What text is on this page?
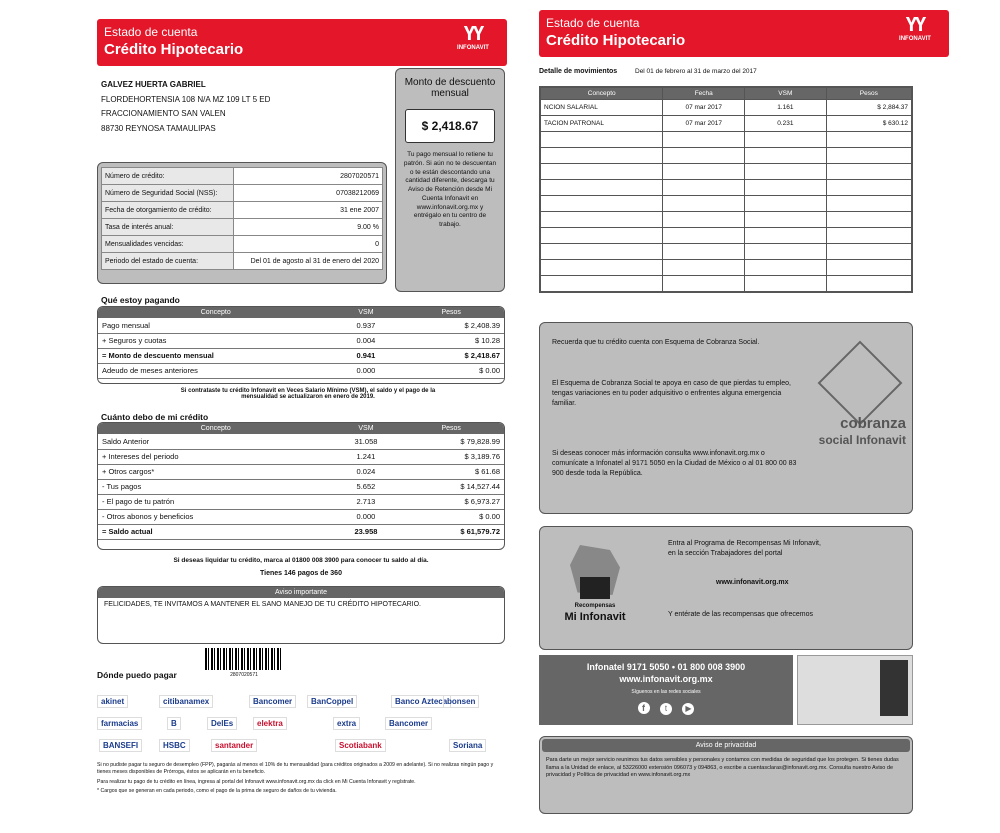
Estado de cuenta
Crédito Hipotecario
ҮҮ
INFONAVIT
GALVEZ HUERTA GABRIEL
FLORDEHORTENSIA 108 N/A MZ 109 LT 5 ED
FRACCIONAMIENTO SAN VALEN
88730 REYNOSA TAMAULIPAS
Monto de descuento mensual
$ 2,418.67
Tu pago mensual lo retiene tu patrón. Si aún no te descuentan o te están descontando una cantidad diferente, descarga tu Aviso de Retención desde Mi Cuenta Infonavit en www.infonavit.org.mx y entrégalo en tu centro de trabajo.
Número de crédito:	2807020571
Número de Seguridad Social (NSS):	07038212069
Fecha de otorgamiento de crédito:	31 ene 2007
Tasa de interés anual:	9.00 %
Mensualidades vencidas:	0
Periodo del estado de cuenta:	Del 01 de agosto al 31 de enero del 2020
Qué estoy pagando
Concepto	VSM	Pesos
Pago mensual	0.937	$ 2,408.39
+ Seguros y cuotas	0.004	$ 10.28
= Monto de descuento mensual	0.941	$ 2,418.67
Adeudo de meses anteriores	0.000	$ 0.00
Si contrataste tu crédito Infonavit en Veces Salario Mínimo (VSM), el saldo y el pago de la mensualidad se actualizaron en enero de 2019.
Cuánto debo de mi crédito
Concepto	VSM	Pesos
Saldo Anterior	31.058	$ 79,828.99
+ Intereses del periodo	1.241	$ 3,189.76
+ Otros cargos*	0.024	$ 61.68
- Tus pagos	5.652	$ 14,527.44
- El pago de tu patrón	2.713	$ 6,973.27
- Otros abonos y beneficios	0.000	$ 0.00
= Saldo actual	23.958	$ 61,579.72
Si deseas liquidar tu crédito, marca al 01800 008 3900 para conocer tu saldo al día.
Tienes 146 pagos de 360
Aviso importante
FELICIDADES, TE INVITAMOS A MANTENER EL SANO MANEJO DE TU CRÉDITO HIPOTECARIO.
Dónde puedo pagar	2807020571
akinet	citibanamex	Bancomer	BanCoppel	Banco Azteca bonsen
farmacias	B	DelEs	elektra	extra	Bancomer
BANSEFI	HSBC	santander	Scotiabank	Soriana
Si no pudiste pagar tu seguro de desempleo (FPP), pagarás al menos el 10% de tu mensualidad (para créditos originados a 2009 en adelante). Si no realizas ningún pago y tienes meses disponibles de Prórroga, éstos se aplicarán en tu beneficio.
Para realizar tu pago de tu crédito en línea, ingresa al portal del Infonavit www.infonavit.org.mx da click en Mi Cuenta Infonavit y regístrate.
* Cargos que se generan en cada periodo, como el pago de la prima de seguro de daños de tu vivienda.
Estado de cuenta
Crédito Hipotecario
ҮҮ
INFONAVIT
Detalle de movimientos	Del 01 de febrero al 31 de marzo del 2017
Concepto	Fecha	VSM	Pesos
NCION SALARIAL	07 mar 2017	1.161	$ 2,884.37
TACION PATRONAL	07 mar 2017	0.231	$ 630.12

Recuerda que tu crédito cuenta con Esquema de Cobranza Social.
El Esquema de Cobranza Social te apoya en caso de que pierdas tu empleo, tengas variaciones en tu poder adquisitivo o enfrentes alguna emergencia familiar.
Si deseas conocer más información consulta www.infonavit.org.mx o comunícate a Infonatel al 9171 5050 en la Ciudad de México o al 01 800 00 83 900 desde toda la República.
cobranza
social Infonavit
Recompensas
Mi Infonavit
Entra al Programa de Recompensas Mi Infonavit, en la sección Trabajadores del portal
www.infonavit.org.mx
Y entérate de las recompensas que ofrecemos
Infonatel 9171 5050 • 01 800 008 3900
www.infonavit.org.mx
Síguenos en las redes sociales
f t ▶
Aviso de privacidad
Para darte un mejor servicio reunimos tus datos sensibles y personales y contamos con medidas de seguridad que los protegen. Si tienes dudas llama a la Unidad de enlace, al 53226000 extensión 096073 y 094863, o escribe a cuentasclaras@infonavit.org.mx. Consulta nuestro Aviso de privacidad y Política de privacidad en www.infonavit.org.mx
